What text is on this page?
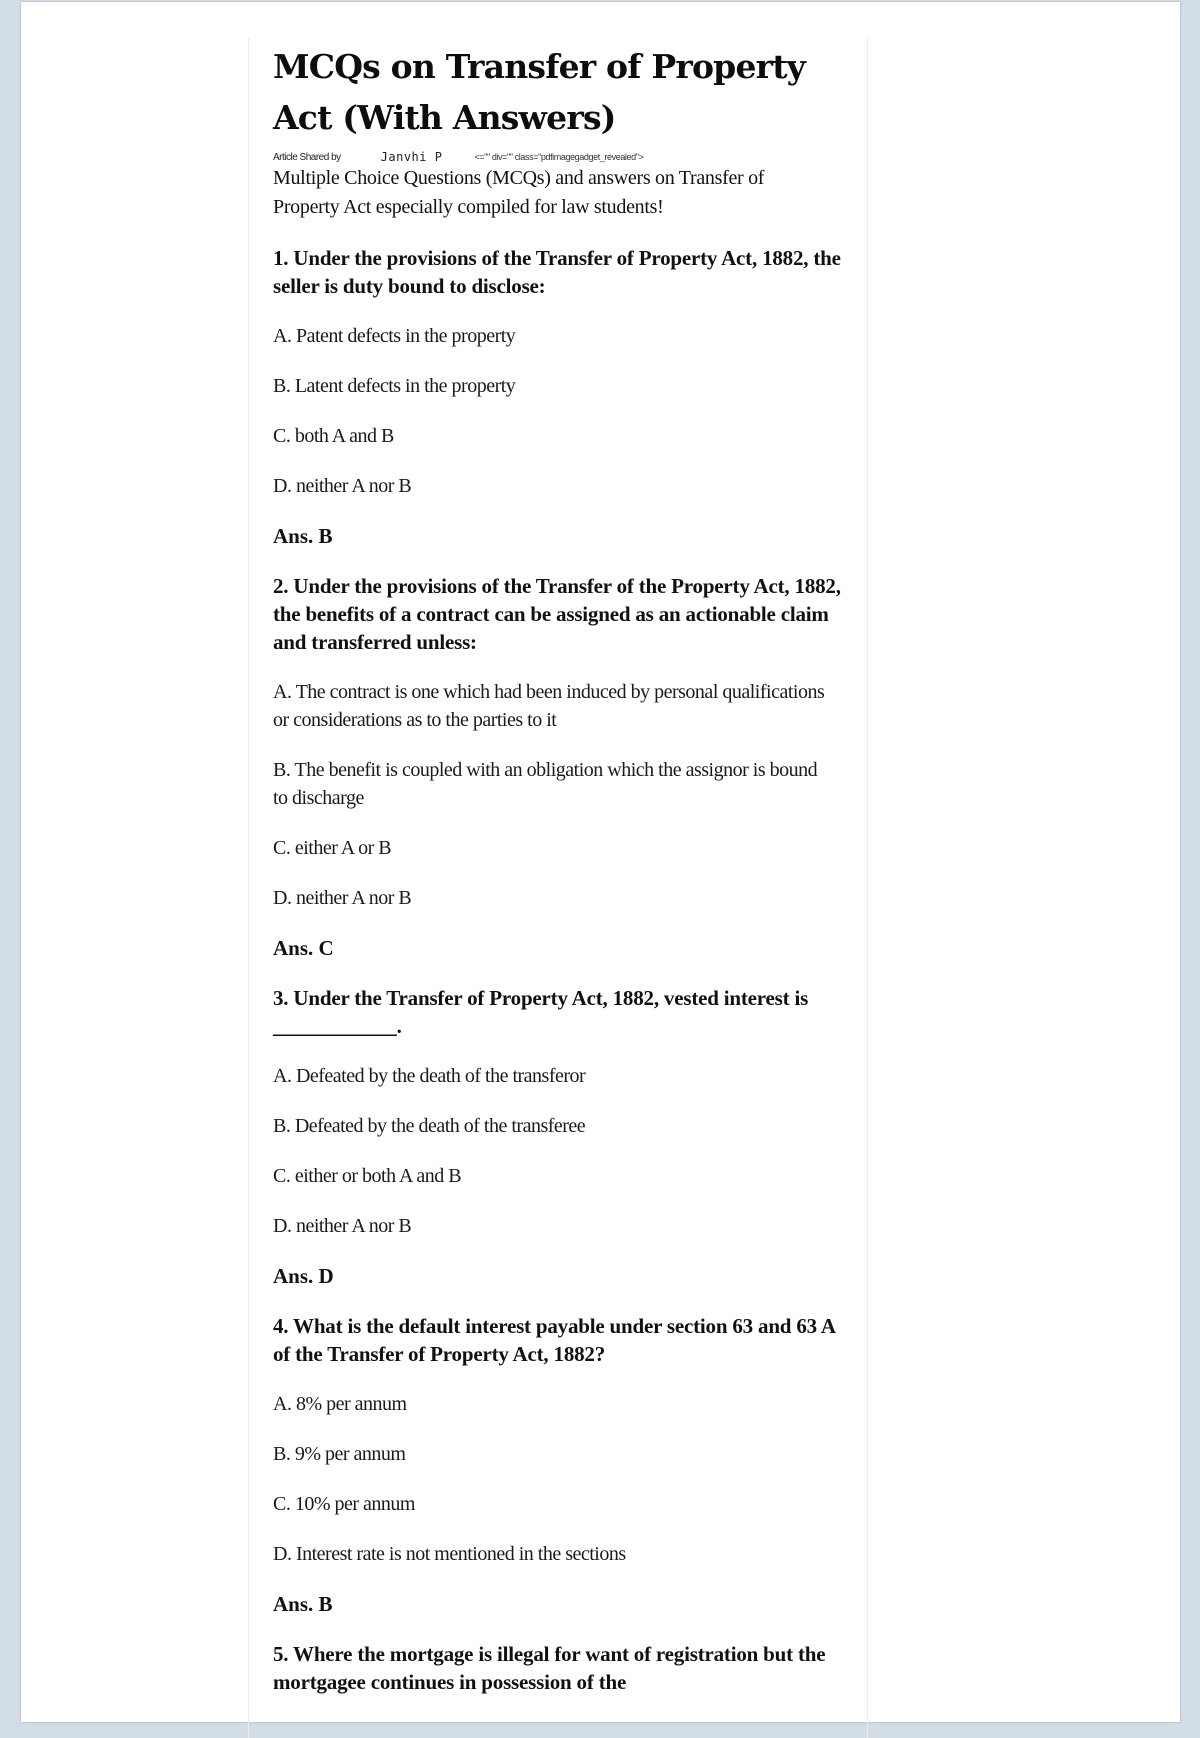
MCQs on Transfer of Property Act (With Answers)
Article Shared by	Janvhi P	<="" div="" class="pdfimagegadget_revealed">

Multiple Choice Questions (MCQs) and answers on Transfer of Property Act especially compiled for law students!

1. Under the provisions of the Transfer of Property Act, 1882, the seller is duty bound to disclose:

A. Patent defects in the property

B. Latent defects in the property

C. both A and B

D. neither A nor B

Ans. B

2. Under the provisions of the Transfer of the Property Act, 1882, the benefits of a contract can be assigned as an actionable claim and transferred unless:

A. The contract is one which had been induced by personal qualifications or considerations as to the parties to it

B. The benefit is coupled with an obligation which the assignor is bound to discharge

C. either A or B

D. neither A nor B

Ans. C

3. Under the Transfer of Property Act, 1882, vested interest is ____________.

A. Defeated by the death of the transferor

B. Defeated by the death of the transferee

C. either or both A and B

D. neither A nor B

Ans. D

4. What is the default interest payable under section 63 and 63 A of the Transfer of Property Act, 1882?

A. 8% per annum

B. 9% per annum

C. 10% per annum

D. Interest rate is not mentioned in the sections

Ans. B

5. Where the mortgage is illegal for want of registration but the mortgagee continues in possession of the
